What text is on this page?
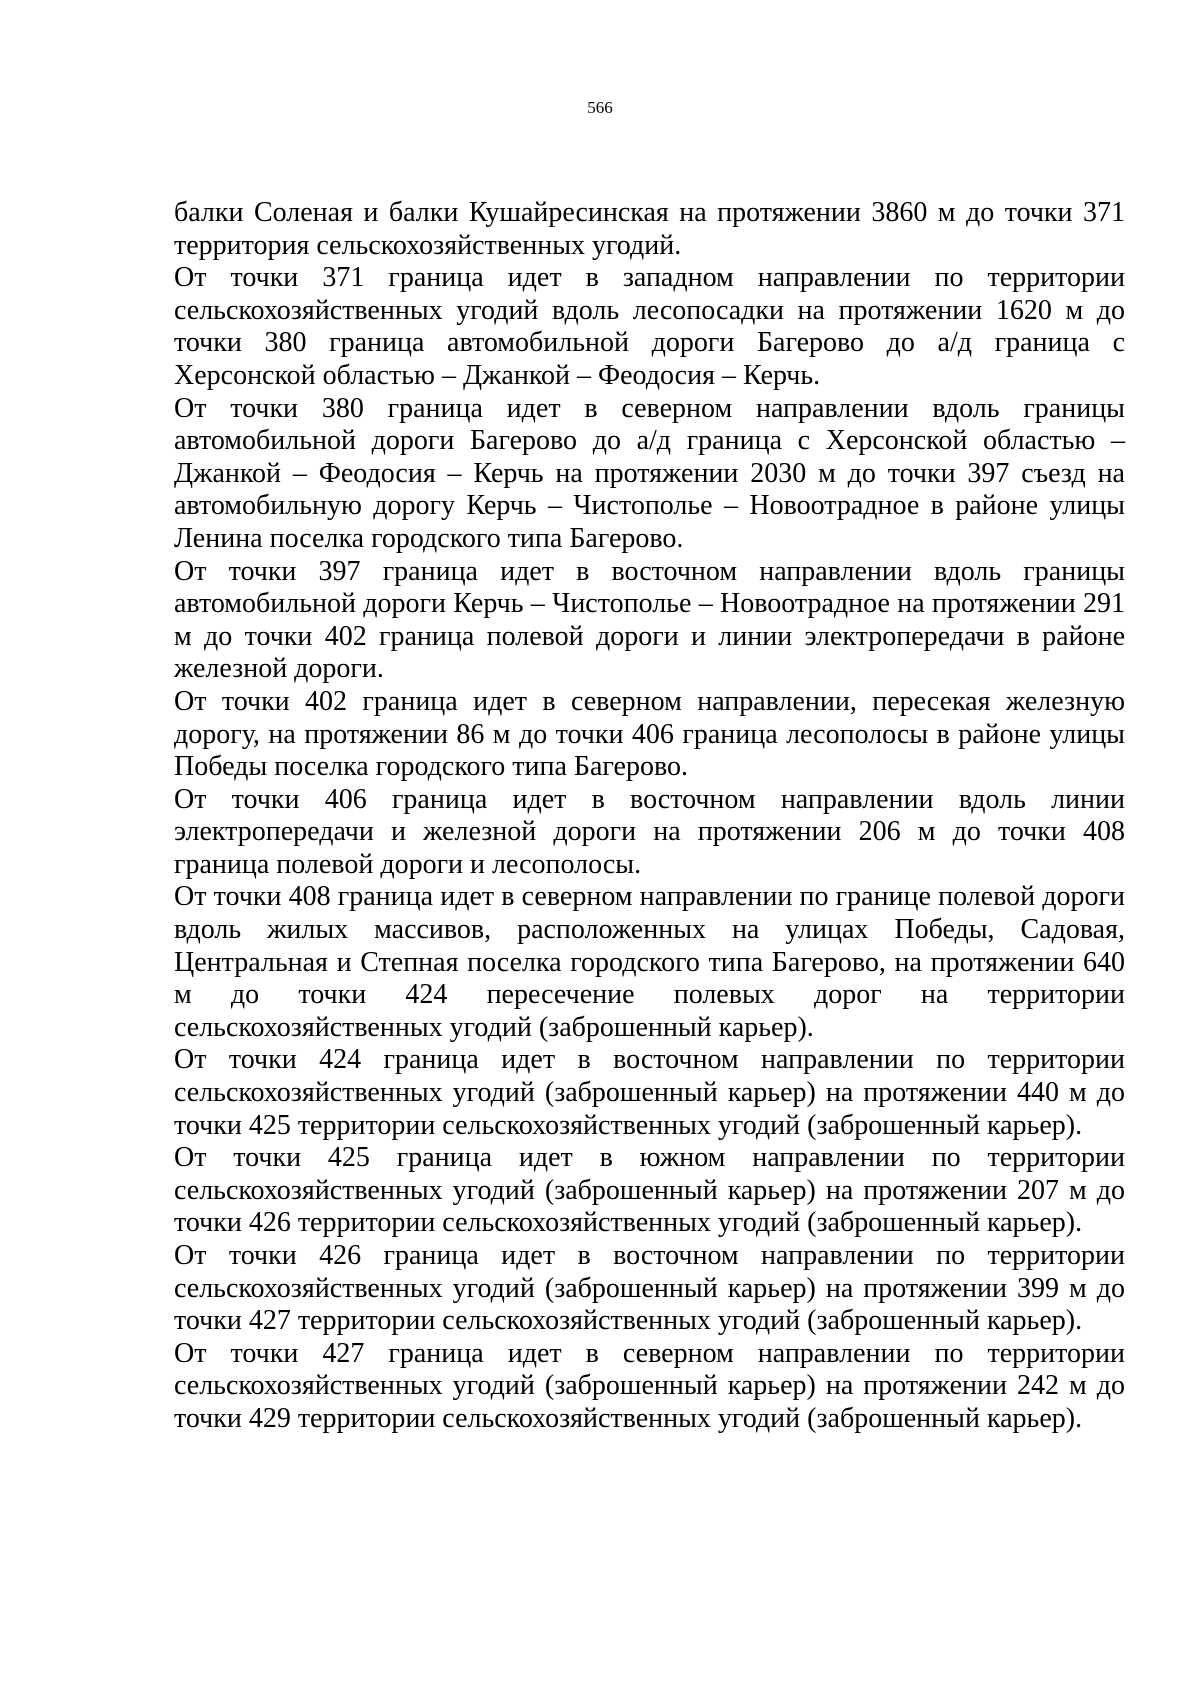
566

балки Соленая и балки Кушайресинская на протяжении 3860 м до точки 371 территория сельскохозяйственных угодий.

От точки 371 граница идет в западном направлении по территории сельскохозяйственных угодий вдоль лесопосадки на протяжении 1620 м до точки 380 граница автомобильной дороги Багерово до а/д граница с Херсонской областью – Джанкой – Феодосия – Керчь.

От точки 380 граница идет в северном направлении вдоль границы автомобильной дороги Багерово до а/д граница с Херсонской областью – Джанкой – Феодосия – Керчь на протяжении 2030 м до точки 397 съезд на автомобильную дорогу Керчь – Чистополье – Новоотрадное в районе улицы Ленина поселка городского типа Багерово.

От точки 397 граница идет в восточном направлении вдоль границы автомобильной дороги Керчь – Чистополье – Новоотрадное на протяжении 291 м до точки 402 граница полевой дороги и линии электропередачи в районе железной дороги.

От точки 402 граница идет в северном направлении, пересекая железную дорогу, на протяжении 86 м до точки 406 граница лесополосы в районе улицы Победы поселка городского типа Багерово.

От точки 406 граница идет в восточном направлении вдоль линии электропередачи и железной дороги на протяжении 206 м до точки 408 граница полевой дороги и лесополосы.

От точки 408 граница идет в северном направлении по границе полевой дороги вдоль жилых массивов, расположенных на улицах Победы, Садовая, Центральная и Степная поселка городского типа Багерово, на протяжении 640 м до точки 424 пересечение полевых дорог на территории сельскохозяйственных угодий (заброшенный карьер).

От точки 424 граница идет в восточном направлении по территории сельскохозяйственных угодий (заброшенный карьер) на протяжении 440 м до точки 425 территории сельскохозяйственных угодий (заброшенный карьер).

От точки 425 граница идет в южном направлении по территории сельскохозяйственных угодий (заброшенный карьер) на протяжении 207 м до точки 426 территории сельскохозяйственных угодий (заброшенный карьер).

От точки 426 граница идет в восточном направлении по территории сельскохозяйственных угодий (заброшенный карьер) на протяжении 399 м до точки 427 территории сельскохозяйственных угодий (заброшенный карьер).

От точки 427 граница идет в северном направлении по территории сельскохозяйственных угодий (заброшенный карьер) на протяжении 242 м до точки 429 территории сельскохозяйственных угодий (заброшенный карьер).
